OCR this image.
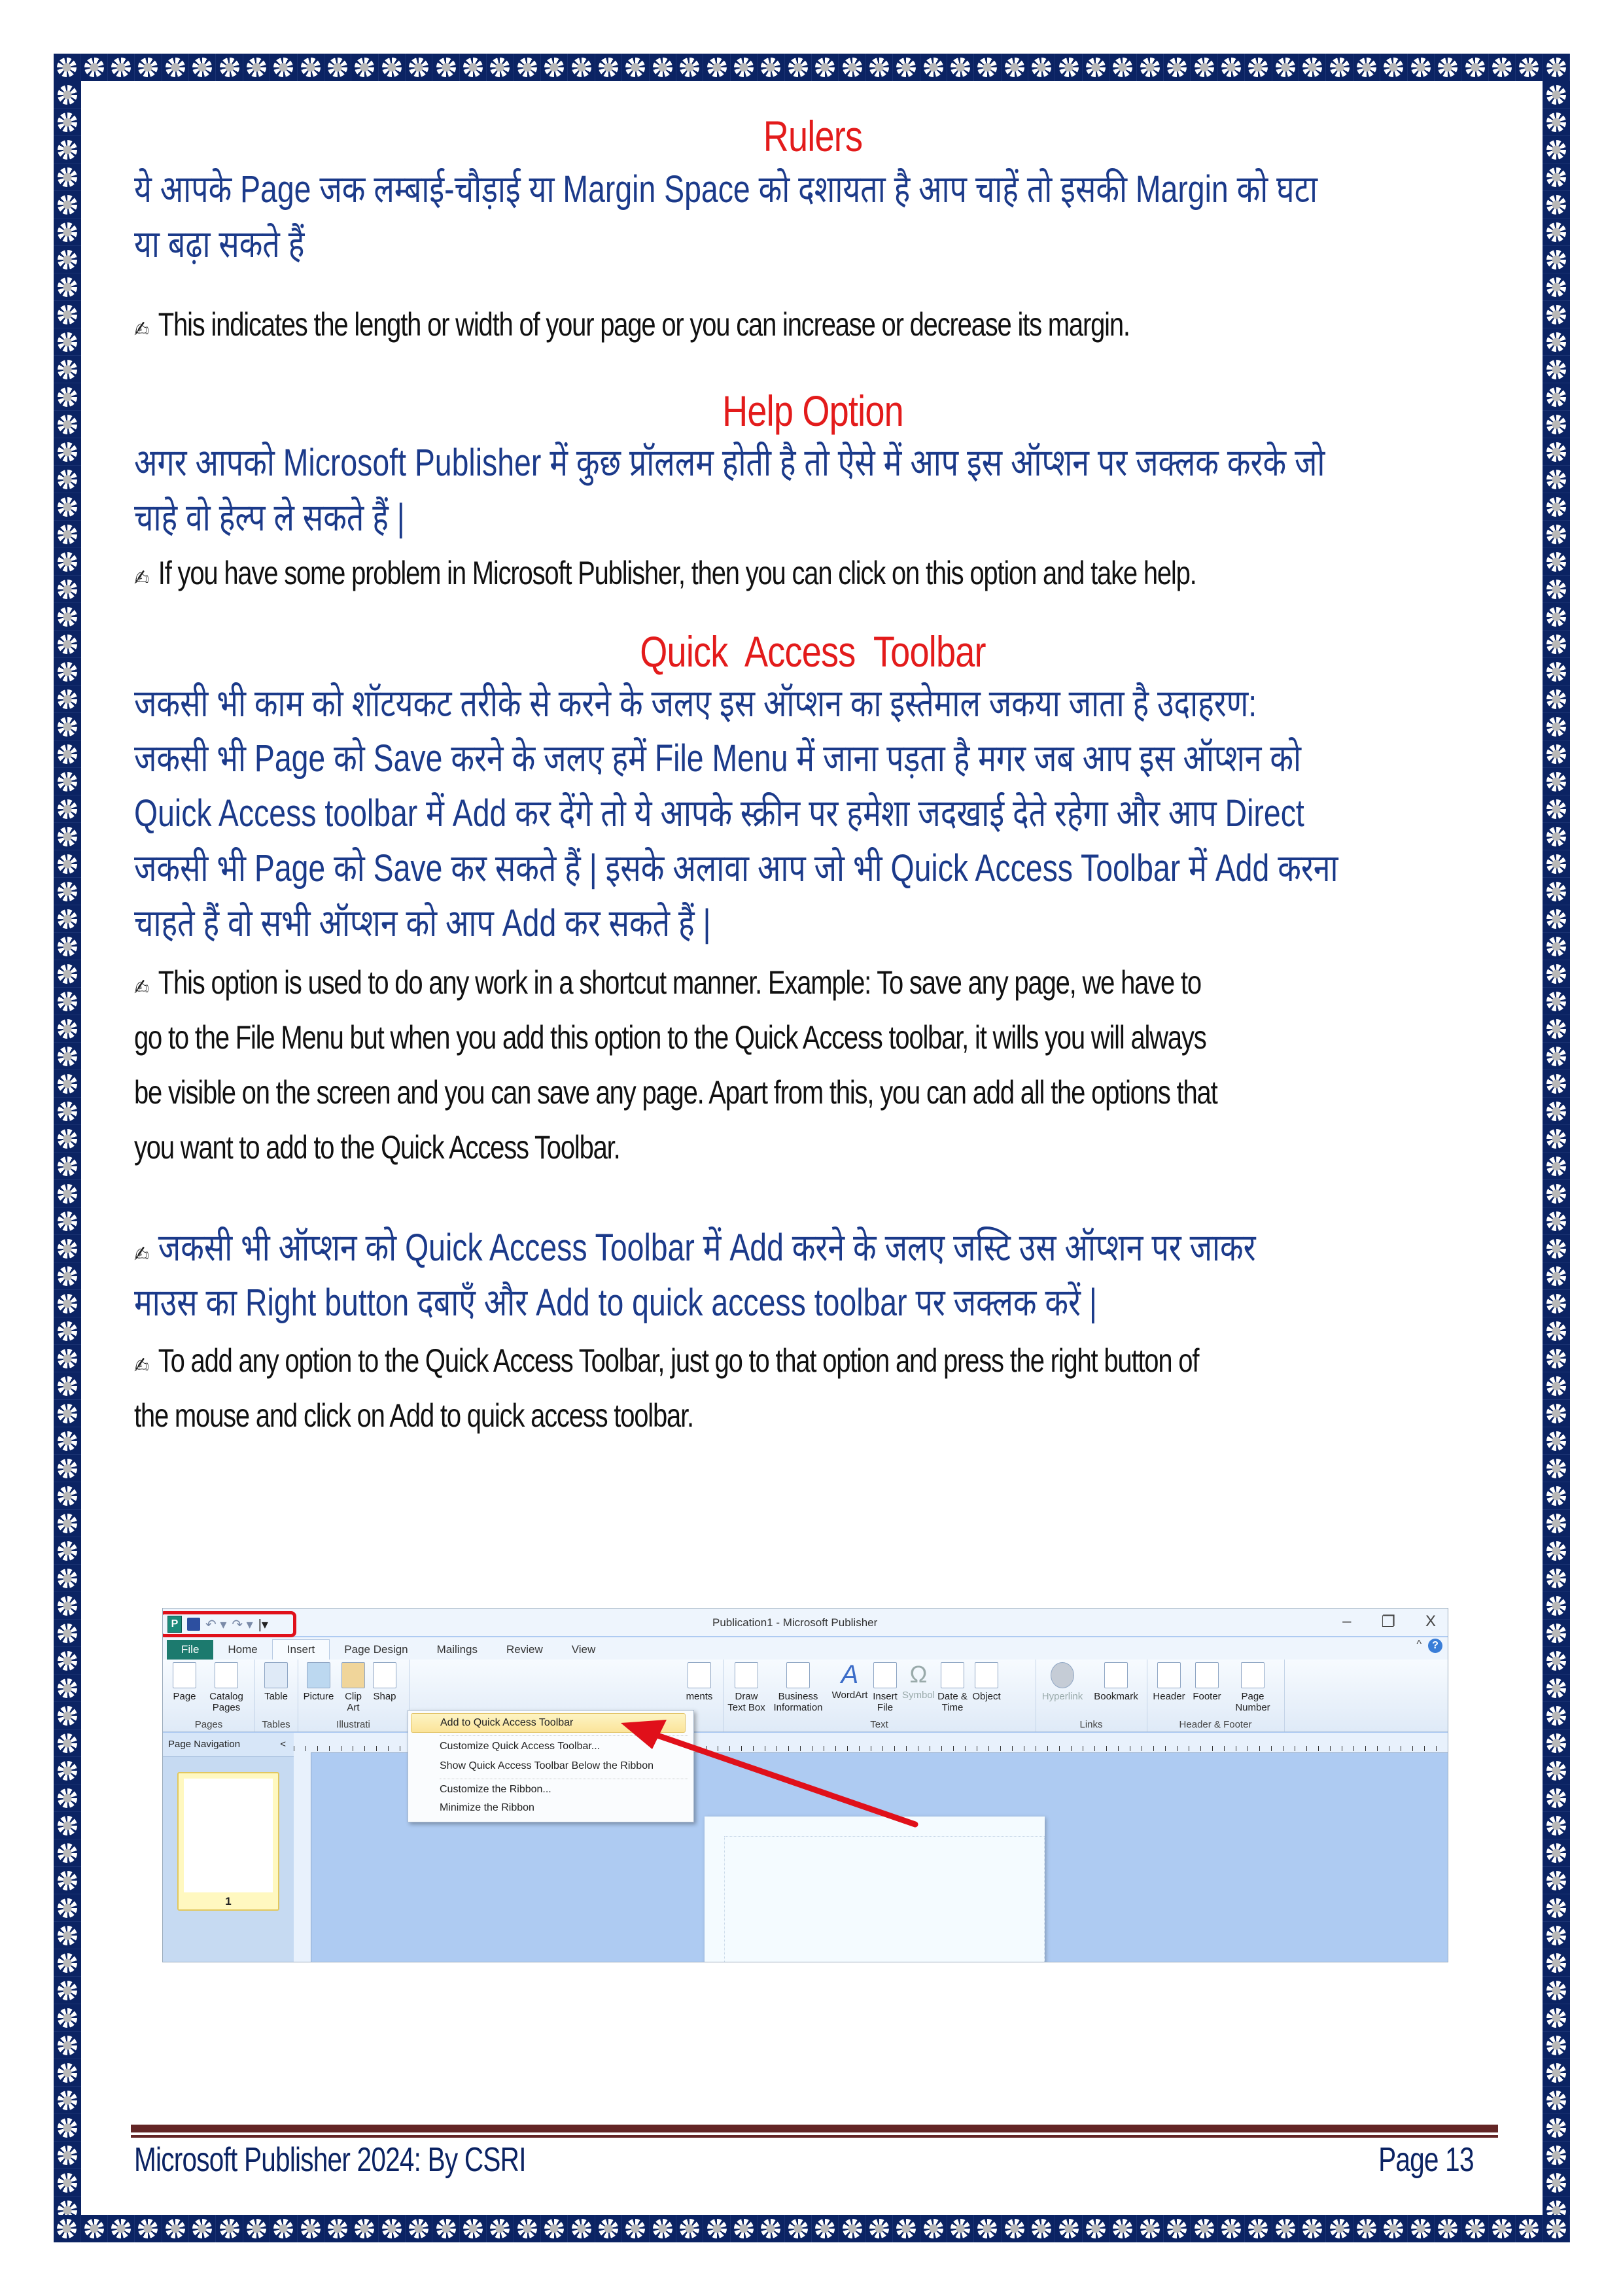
Rulers

ये आपके Page जक लम्बाई-चौड़ाई या Margin Space को दशायता है आप चाहें तो इसकी Margin को घटा

या बढ़ा सकते हैं

✍ This indicates the length or width of your page or you can increase or decrease its margin.

Help Option

अगर आपको Microsoft Publisher में कुछ प्रॉललम होती है तो ऐसे में आप इस ऑप्शन पर जक्लक करके जो

चाहे वो हेल्प ले सकते हैं |

✍ If you have some problem in Microsoft Publisher, then you can click on this option and take help.

Quick  Access  Toolbar

जकसी भी काम को शॉटयकट तरीके से करने के जलए इस ऑप्शन का इस्तेमाल जकया जाता है उदाहरण:

जकसी भी Page को Save करने के जलए हमें File Menu में जाना पड़ता है मगर जब आप इस ऑप्शन को

Quick Access toolbar में Add कर देंगे तो ये आपके स्क्रीन पर हमेशा जदखाई देते रहेगा और आप Direct

जकसी भी Page को Save कर सकते हैं | इसके अलावा आप जो भी Quick Access Toolbar में Add करना

चाहते हैं वो सभी ऑप्शन को आप Add कर सकते हैं |

✍ This option is used to do any work in a shortcut manner. Example: To save any page, we have to

go to the File Menu but when you add this option to the Quick Access toolbar, it wills you will always

be visible on the screen and you can save any page. Apart from this, you can add all the options that

you want to add to the Quick Access Toolbar.

✍ जकसी भी ऑप्शन को Quick Access Toolbar में Add करने के जलए जस्टि उस ऑप्शन पर जाकर

माउस का Right button दबाएँ और Add to quick access toolbar पर जक्लक करें |

✍ To add any option to the Quick Access Toolbar, just go to that option and press the right button of

the mouse and click on Add to quick access toolbar.

P ↶ ▾ ↷ ▾ |▾	Publication1 - Microsoft Publisher	– ❐ X
File	Home	Insert	Page Design	Mailings	Review	View	^	?
Page	Catalog Pages
Pages
Table
Tables
Picture	Clip Art
Shap
Illustrati
ments	Draw Text Box
Business Information
A
WordArt Insert File
Ω
Symbol Date & Time
Object
Text
Hyperlink	Bookmark
Links
Header Footer	Page Number
Header & Footer
Page Navigation	<
1
Add to Quick Access Toolbar
Customize Quick Access Toolbar...
Show Quick Access Toolbar Below the Ribbon
Customize the Ribbon...
Minimize the Ribbon
Microsoft Publisher 2024: By CSRI	Page 13
